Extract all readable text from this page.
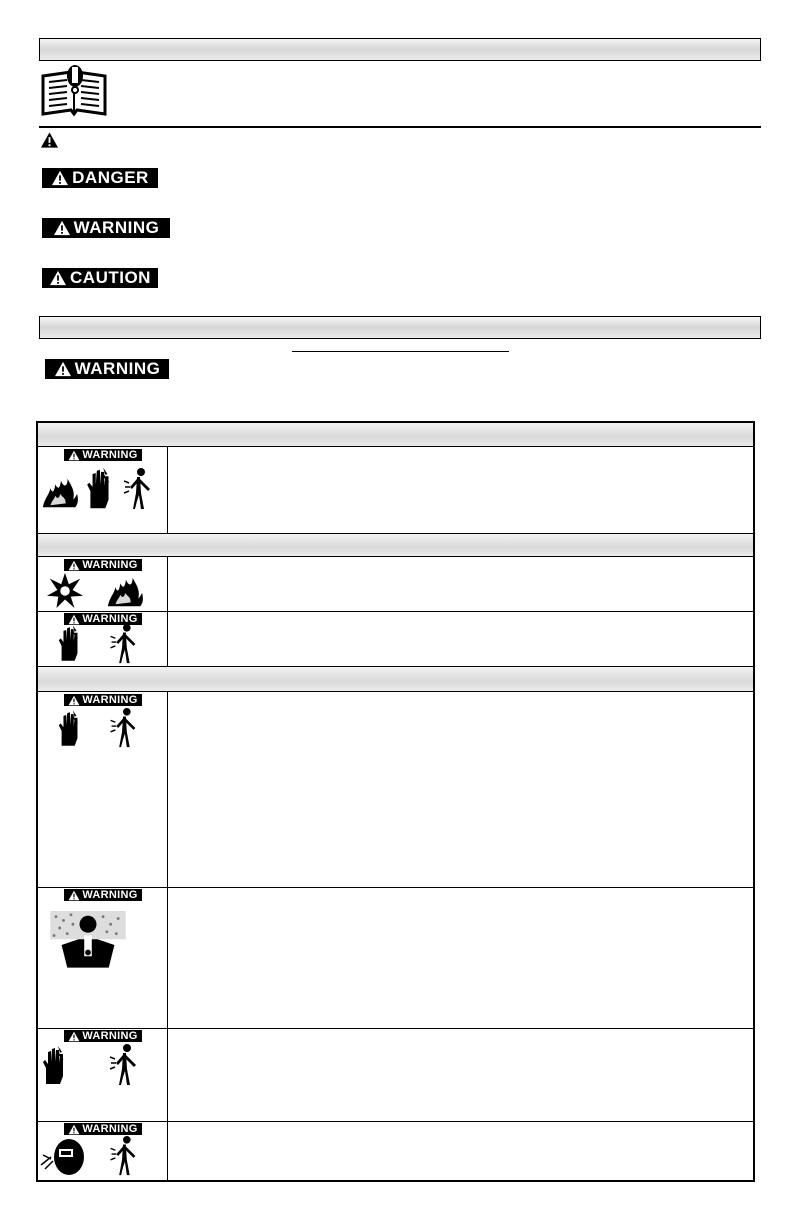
DANGER
WARNING
CAUTION
WARNING
WARNING
WARNING
WARNING
WARNING
WARNING
WARNING
WARNING
